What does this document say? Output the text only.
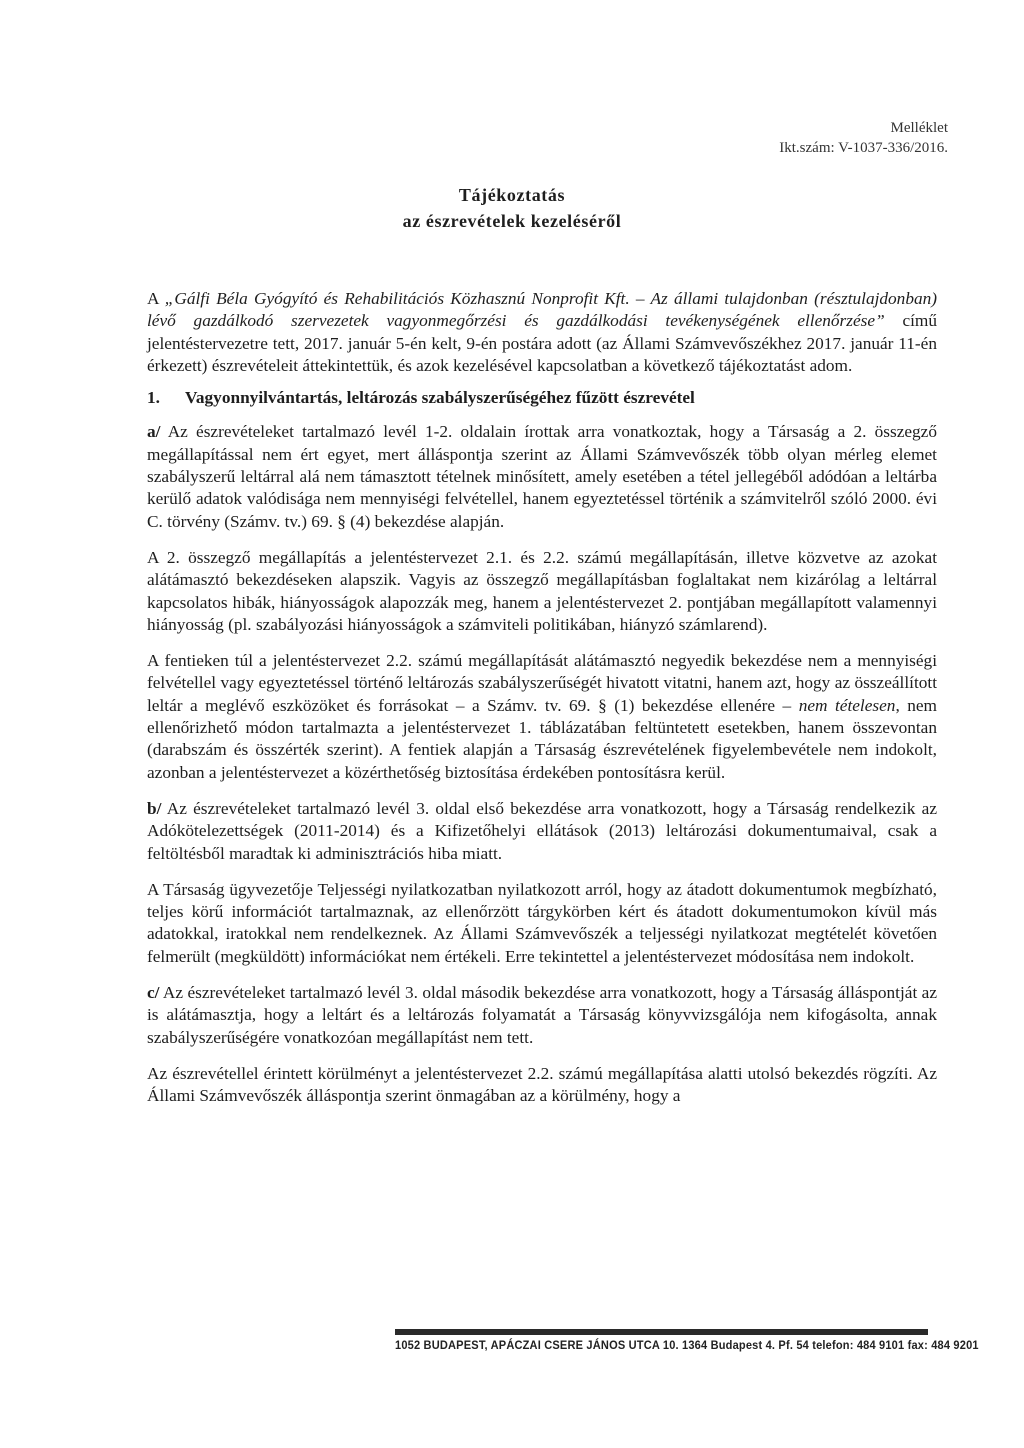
Melléklet
Ikt.szám: V-1037-336/2016.
Tájékoztatás
az észrevételek kezeléséről

A „Gálfi Béla Gyógyító és Rehabilitációs Közhasznú Nonprofit Kft. – Az állami tulajdonban (résztulajdonban) lévő gazdálkodó szervezetek vagyonmegőrzési és gazdálkodási tevékenységének ellenőrzése” című jelentéstervezetre tett, 2017. január 5-én kelt, 9-én postára adott (az Állami Számvevőszékhez 2017. január 11-én érkezett) észrevételeit áttekintettük, és azok kezelésével kapcsolatban a következő tájékoztatást adom.

1. Vagyonnyilvántartás, leltározás szabályszerűségéhez fűzött észrevétel

a/ Az észrevételeket tartalmazó levél 1-2. oldalain írottak arra vonatkoztak, hogy a Társaság a 2. összegző megállapítással nem ért egyet, mert álláspontja szerint az Állami Számvevőszék több olyan mérleg elemet szabályszerű leltárral alá nem támasztott tételnek minősített, amely esetében a tétel jellegéből adódóan a leltárba kerülő adatok valódisága nem mennyiségi felvétellel, hanem egyeztetéssel történik a számvitelről szóló 2000. évi C. törvény (Számv. tv.) 69. § (4) bekezdése alapján.

A 2. összegző megállapítás a jelentéstervezet 2.1. és 2.2. számú megállapításán, illetve közvetve az azokat alátámasztó bekezdéseken alapszik. Vagyis az összegző megállapításban foglaltakat nem kizárólag a leltárral kapcsolatos hibák, hiányosságok alapozzák meg, hanem a jelentéstervezet 2. pontjában megállapított valamennyi hiányosság (pl. szabályozási hiányosságok a számviteli politikában, hiányzó számlarend).

A fentieken túl a jelentéstervezet 2.2. számú megállapítását alátámasztó negyedik bekezdése nem a mennyiségi felvétellel vagy egyeztetéssel történő leltározás szabályszerűségét hivatott vitatni, hanem azt, hogy az összeállított leltár a meglévő eszközöket és forrásokat – a Számv. tv. 69. § (1) bekezdése ellenére – nem tételesen, nem ellenőrizhető módon tartalmazta a jelentéstervezet 1. táblázatában feltüntetett esetekben, hanem összevontan (darabszám és összérték szerint). A fentiek alapján a Társaság észrevételének figyelembevétele nem indokolt, azonban a jelentéstervezet a közérthetőség biztosítása érdekében pontosításra kerül.

b/ Az észrevételeket tartalmazó levél 3. oldal első bekezdése arra vonatkozott, hogy a Társaság rendelkezik az Adókötelezettségek (2011-2014) és a Kifizetőhelyi ellátások (2013) leltározási dokumentumaival, csak a feltöltésből maradtak ki adminisztrációs hiba miatt.

A Társaság ügyvezetője Teljességi nyilatkozatban nyilatkozott arról, hogy az átadott dokumentumok megbízható, teljes körű információt tartalmaznak, az ellenőrzött tárgykörben kért és átadott dokumentumokon kívül más adatokkal, iratokkal nem rendelkeznek. Az Állami Számvevőszék a teljességi nyilatkozat megtételét követően felmerült (megküldött) információkat nem értékeli. Erre tekintettel a jelentéstervezet módosítása nem indokolt.

c/ Az észrevételeket tartalmazó levél 3. oldal második bekezdése arra vonatkozott, hogy a Társaság álláspontját az is alátámasztja, hogy a leltárt és a leltározás folyamatát a Társaság könyvvizsgálója nem kifogásolta, annak szabályszerűségére vonatkozóan megállapítást nem tett.

Az észrevétellel érintett körülményt a jelentéstervezet 2.2. számú megállapítása alatti utolsó bekezdés rögzíti. Az Állami Számvevőszék álláspontja szerint önmagában az a körülmény, hogy a

1052 BUDAPEST, APÁCZAI CSERE JÁNOS UTCA 10. 1364 Budapest 4. Pf. 54 telefon: 484 9101 fax: 484 9201
